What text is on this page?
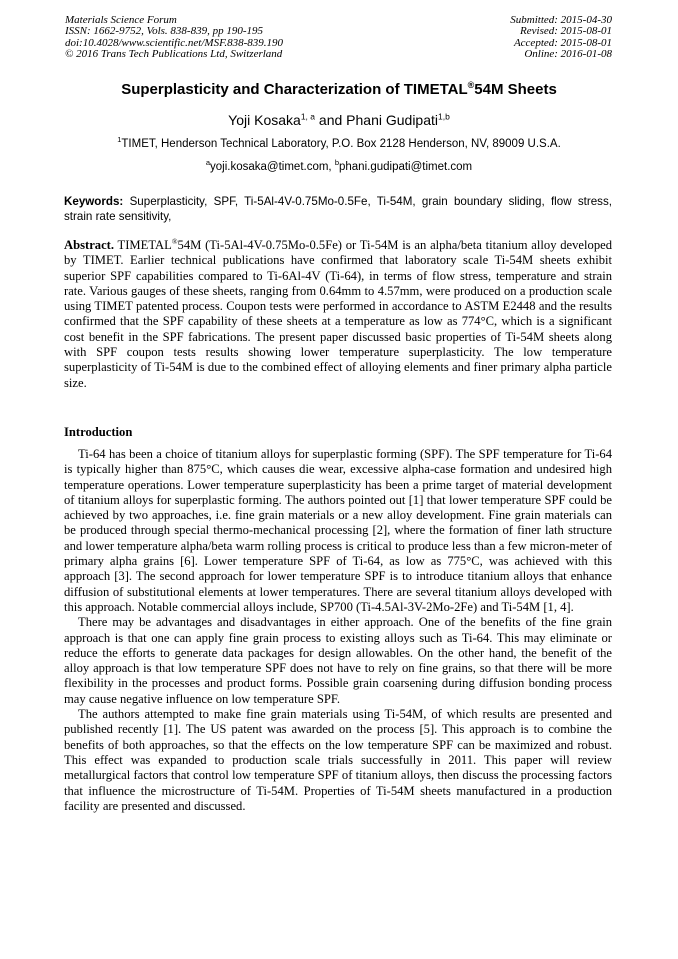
Materials Science Forum
ISSN: 1662-9752, Vols. 838-839, pp 190-195
doi:10.4028/www.scientific.net/MSF.838-839.190
© 2016 Trans Tech Publications Ltd, Switzerland
Submitted: 2015-04-30
Revised: 2015-08-01
Accepted: 2015-08-01
Online: 2016-01-08
Superplasticity and Characterization of TIMETAL®54M Sheets
Yoji Kosaka$^{1, a}$ and Phani Gudipati$^{1,b}$
$^1$TIMET, Henderson Technical Laboratory, P.O. Box 2128 Henderson, NV, 89009 U.S.A.
$^a$yoji.kosaka@timet.com, $^b$phani.gudipati@timet.com
Keywords: Superplasticity, SPF, Ti-5Al-4V-0.75Mo-0.5Fe, Ti-54M, grain boundary sliding, flow stress, strain rate sensitivity,
Abstract. TIMETAL®54M (Ti-5Al-4V-0.75Mo-0.5Fe) or Ti-54M is an alpha/beta titanium alloy developed by TIMET. Earlier technical publications have confirmed that laboratory scale Ti-54M sheets exhibit superior SPF capabilities compared to Ti-6Al-4V (Ti-64), in terms of flow stress, temperature and strain rate. Various gauges of these sheets, ranging from 0.64mm to 4.57mm, were produced on a production scale using TIMET patented process. Coupon tests were performed in accordance to ASTM E2448 and the results confirmed that the SPF capability of these sheets at a temperature as low as 774°C, which is a significant cost benefit in the SPF fabrications. The present paper discussed basic properties of Ti-54M sheets along with SPF coupon tests results showing lower temperature superplasticity. The low temperature superplasticity of Ti-54M is due to the combined effect of alloying elements and finer primary alpha particle size.
Introduction

Ti-64 has been a choice of titanium alloys for superplastic forming (SPF). The SPF temperature for Ti-64 is typically higher than 875°C, which causes die wear, excessive alpha-case formation and undesired high temperature operations. Lower temperature superplasticity has been a prime target of material development of titanium alloys for superplastic forming. The authors pointed out [1] that lower temperature SPF could be achieved by two approaches, i.e. fine grain materials or a new alloy development. Fine grain materials can be produced through special thermo-mechanical processing [2], where the formation of finer lath structure and lower temperature alpha/beta warm rolling process is critical to produce less than a few micron-meter of primary alpha grains [6]. Lower temperature SPF of Ti-64, as low as 775°C, was achieved with this approach [3]. The second approach for lower temperature SPF is to introduce titanium alloys that enhance diffusion of substitutional elements at lower temperatures. There are several titanium alloys developed with this approach. Notable commercial alloys include, SP700 (Ti-4.5Al-3V-2Mo-2Fe) and Ti-54M [1, 4].

There may be advantages and disadvantages in either approach. One of the benefits of the fine grain approach is that one can apply fine grain process to existing alloys such as Ti-64. This may eliminate or reduce the efforts to generate data packages for design allowables. On the other hand, the benefit of the alloy approach is that low temperature SPF does not have to rely on fine grains, so that there will be more flexibility in the processes and product forms. Possible grain coarsening during diffusion bonding process may cause negative influence on low temperature SPF.

The authors attempted to make fine grain materials using Ti-54M, of which results are presented and published recently [1]. The US patent was awarded on the process [5]. This approach is to combine the benefits of both approaches, so that the effects on the low temperature SPF can be maximized and robust. This effect was expanded to production scale trials successfully in 2011. This paper will review metallurgical factors that control low temperature SPF of titanium alloys, then discuss the processing factors that influence the microstructure of Ti-54M. Properties of Ti-54M sheets manufactured in a production facility are presented and discussed.
